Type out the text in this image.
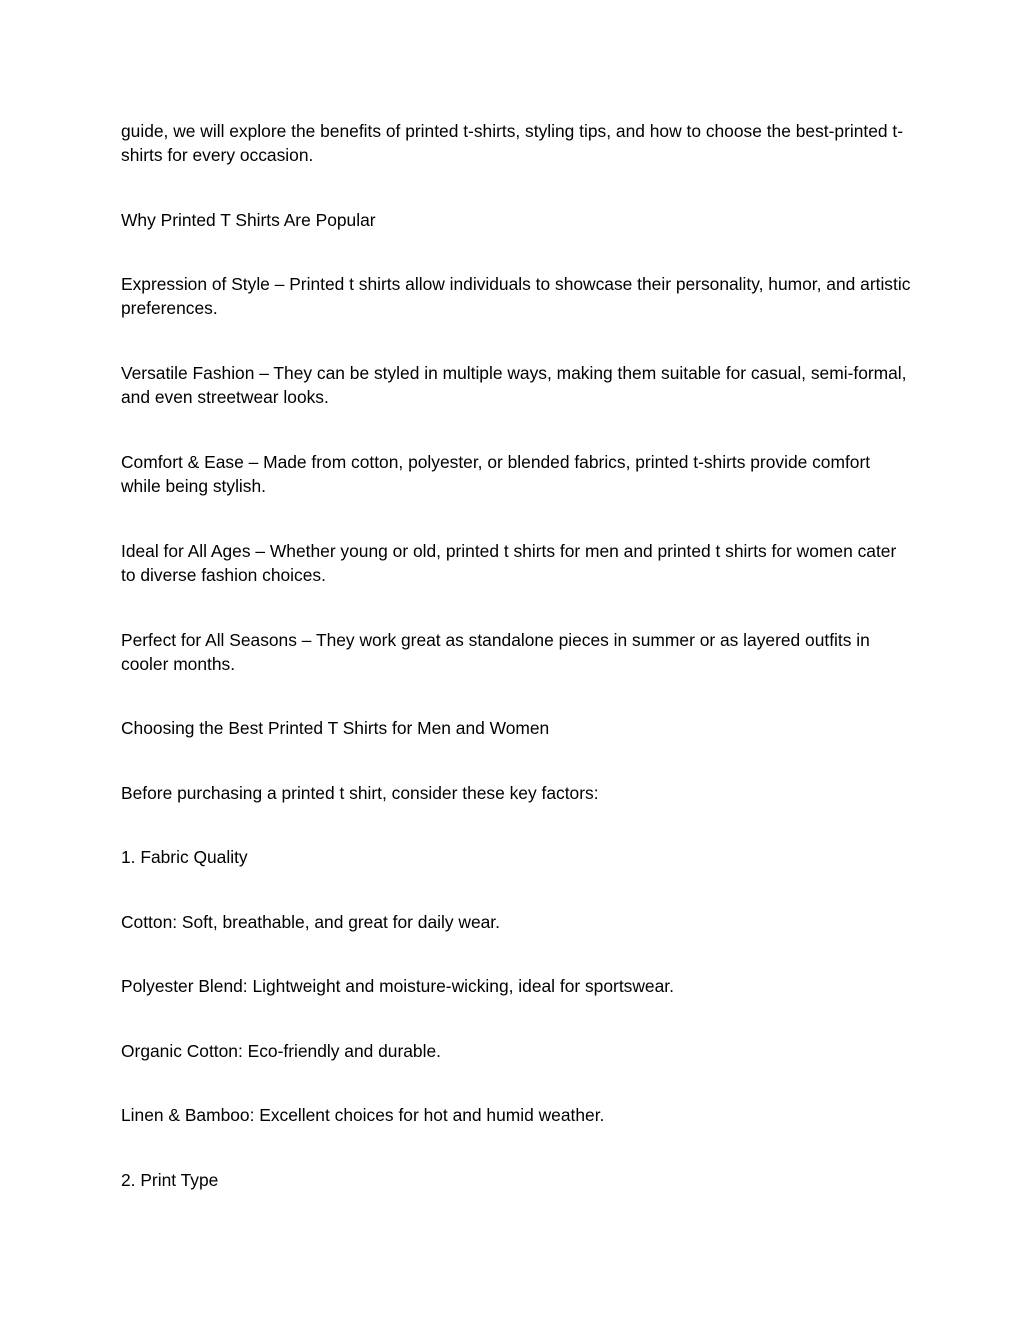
guide, we will explore the benefits of printed t-shirts, styling tips, and how to choose the best-printed t-shirts for every occasion.

Why Printed T Shirts Are Popular

Expression of Style – Printed t shirts allow individuals to showcase their personality, humor, and artistic preferences.

Versatile Fashion – They can be styled in multiple ways, making them suitable for casual, semi-formal, and even streetwear looks.

Comfort & Ease – Made from cotton, polyester, or blended fabrics, printed t-shirts provide comfort while being stylish.

Ideal for All Ages – Whether young or old, printed t shirts for men and printed t shirts for women cater to diverse fashion choices.

Perfect for All Seasons – They work great as standalone pieces in summer or as layered outfits in cooler months.

Choosing the Best Printed T Shirts for Men and Women

Before purchasing a printed t shirt, consider these key factors:

1. Fabric Quality

Cotton: Soft, breathable, and great for daily wear.

Polyester Blend: Lightweight and moisture-wicking, ideal for sportswear.

Organic Cotton: Eco-friendly and durable.

Linen & Bamboo: Excellent choices for hot and humid weather.

2. Print Type
